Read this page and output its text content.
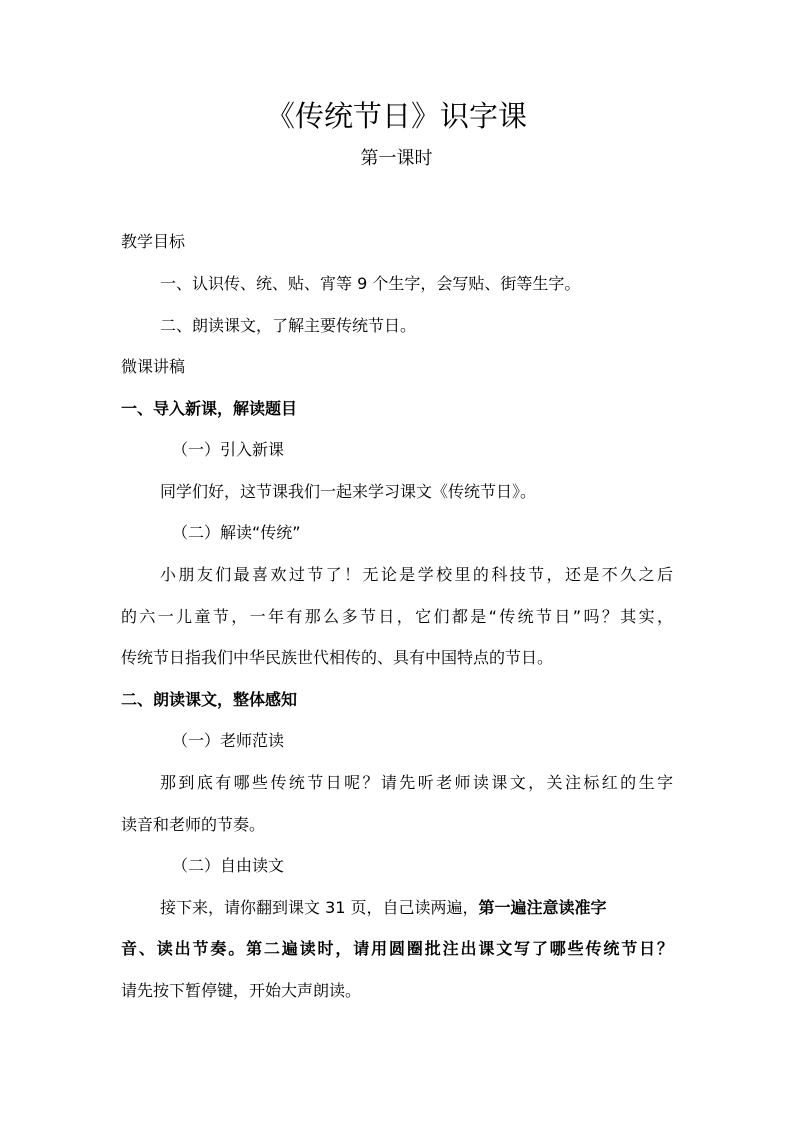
《传统节日》识字课
第一课时
教学目标
一、认识传、统、贴、宵等 9 个生字，会写贴、街等生字。
二、朗读课文，了解主要传统节日。
微课讲稿
一、导入新课，解读题目
（一）引入新课
同学们好，这节课我们一起来学习课文《传统节日》。
（二）解读“传统”
小朋友们最喜欢过节了！无论是学校里的科技节，还是不久之后
的六一儿童节，一年有那么多节日，它们都是“传统节日”吗？其实，
传统节日指我们中华民族世代相传的、具有中国特点的节日。
二、朗读课文，整体感知
（一）老师范读
那到底有哪些传统节日呢？请先听老师读课文，关注标红的生字
读音和老师的节奏。
（二）自由读文
接下来，请你翻到课文 31 页，自己读两遍，第一遍注意读准字
音、读出节奏。第二遍读时，请用圆圈批注出课文写了哪些传统节日？
请先按下暂停键，开始大声朗读。
